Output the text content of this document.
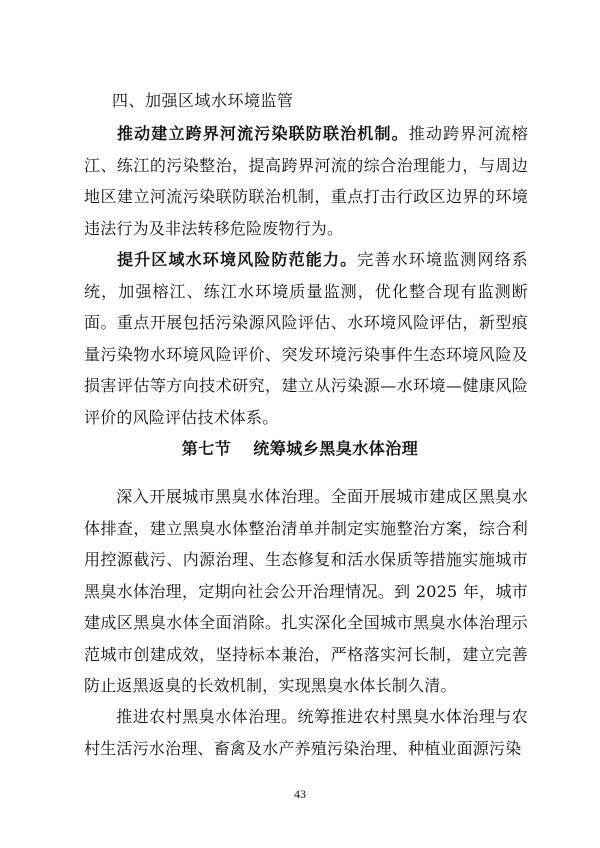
四、加强区域水环境监管
推动建立跨界河流污染联防联治机制。推动跨界河流榕江、练江的污染整治，提高跨界河流的综合治理能力，与周边地区建立河流污染联防联治机制，重点打击行政区边界的环境违法行为及非法转移危险废物行为。
提升区域水环境风险防范能力。完善水环境监测网络系统，加强榕江、练江水环境质量监测，优化整合现有监测断面。重点开展包括污染源风险评估、水环境风险评估，新型痕量污染物水环境风险评价、突发环境污染事件生态环境风险及损害评估等方向技术研究，建立从污染源—水环境—健康风险评价的风险评估技术体系。
第七节 统筹城乡黑臭水体治理
深入开展城市黑臭水体治理。全面开展城市建成区黑臭水体排查，建立黑臭水体整治清单并制定实施整治方案，综合利用控源截污、内源治理、生态修复和活水保质等措施实施城市黑臭水体治理，定期向社会公开治理情况。到 2025 年，城市建成区黑臭水体全面消除。扎实深化全国城市黑臭水体治理示范城市创建成效，坚持标本兼治，严格落实河长制，建立完善防止返黑返臭的长效机制，实现黑臭水体长制久清。
推进农村黑臭水体治理。统筹推进农村黑臭水体治理与农村生活污水治理、畜禽及水产养殖污染治理、种植业面源污染
43
